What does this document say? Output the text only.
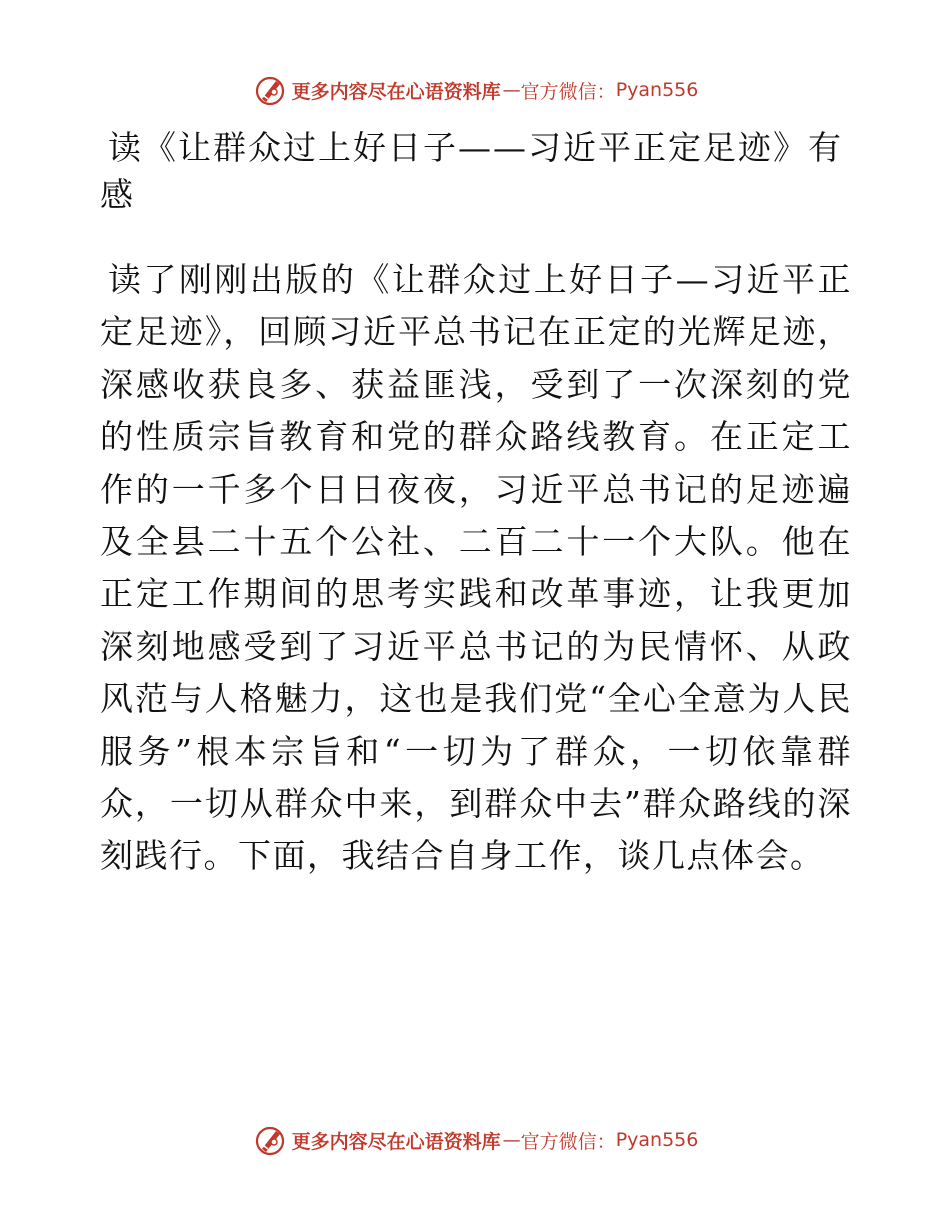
更多内容尽在心语资料库 — 官方微信： Pyan556
读《让群众过上好日子——习近平正定足迹》有感

读了刚刚出版的《让群众过上好日子—习近平正定足迹》，回顾习近平总书记在正定的光辉足迹，深感收获良多、获益匪浅，受到了一次深刻的党的性质宗旨教育和党的群众路线教育。在正定工作的一千多个日日夜夜，习近平总书记的足迹遍及全县二十五个公社、二百二十一个大队。他在正定工作期间的思考实践和改革事迹，让我更加深刻地感受到了习近平总书记的为民情怀、从政风范与人格魅力，这也是我们党“全心全意为人民服务”根本宗旨和“一切为了群众，一切依靠群众，一切从群众中来，到群众中去”群众路线的深刻践行。下面，我结合自身工作，谈几点体会。

更多内容尽在心语资料库 — 官方微信： Pyan556
